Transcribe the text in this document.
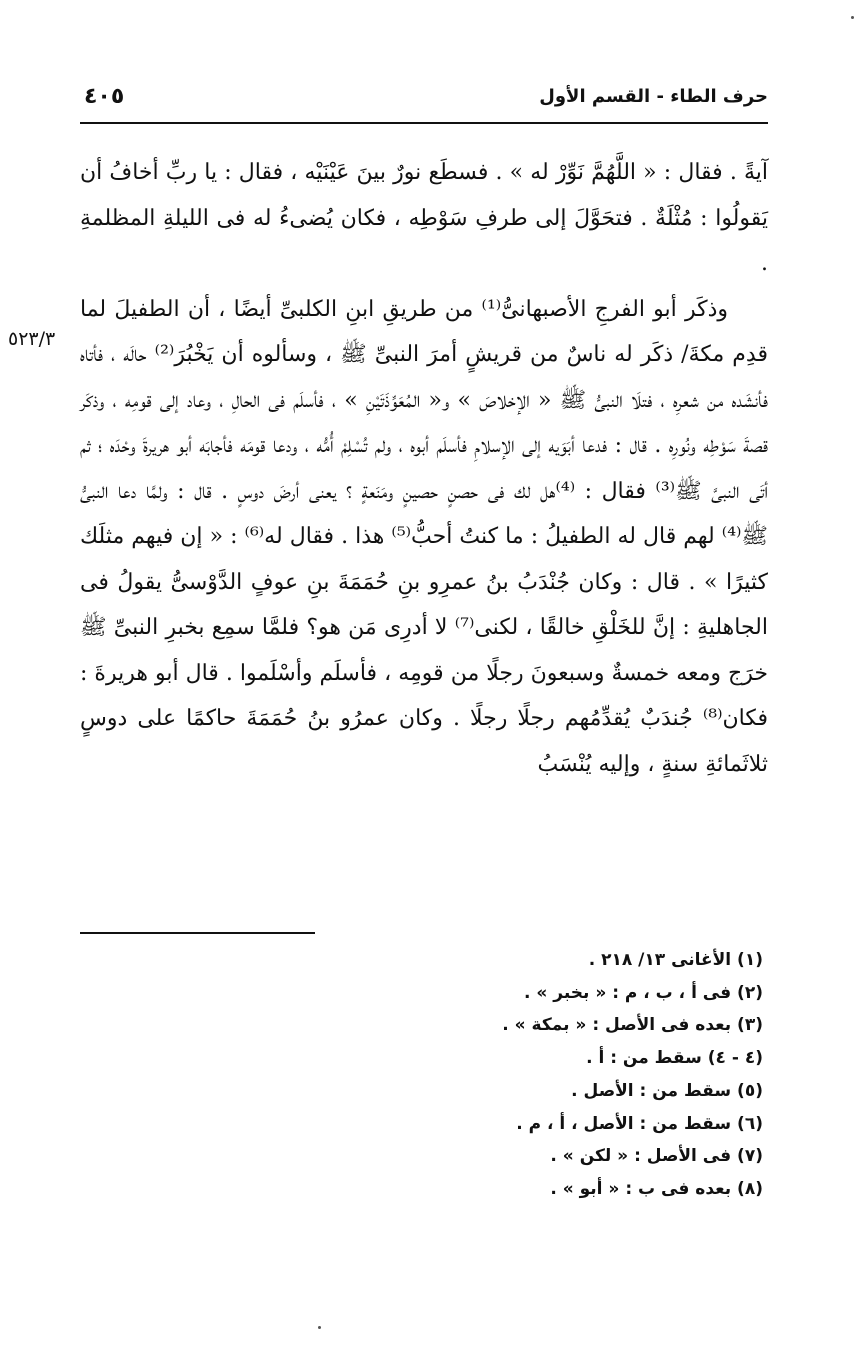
٤٠٥	حرف الطاء - القسم الأول
٥٢٣/٣

آيةً . فقال : « اللَّهُمَّ نَوِّرْ له » . فسطَع نورٌ بينَ عَيْنَيْه ، فقال : يا ربِّ أخافُ أن يَقولُوا : مُثْلَةٌ . فتحَوَّلَ إلى طرفِ سَوْطِه ، فكان يُضىءُ له فى الليلةِ المظلمةِ .

وذكَر أبو الفرجِ الأصبهانىُّ⁽¹⁾ من طريقِ ابنِ الكلبىِّ أيضًا ، أن الطفيلَ لما قدِم مكةَ/ ذكَر له ناسٌ من قريشٍ أمرَ النبىِّ ﷺ ، وسألوه أن يَخْبُرَ⁽²⁾ حالَه ، فأتاه فأنشَده من شعرِه ، فتلَا النبىُّ ﷺ « الإخلاصَ » و« المُعَوِّذَتَيْنِ » ، فأسلَم فى الحالِ ، وعاد إلى قومِه ، وذكَر قصةَ سَوْطِه ونُورِه . قال : فدعا أبَوَيه إلى الإسلامِ فأسلَم أبوه ، ولم تُسْلِمْ أُمُّه ، ودعا قومَه فأجابَه أبو هريرةَ وحْدَه ؛ ثم أتَى النبىَّ ﷺ⁽³⁾ فقال : ⁽⁴⁾هل لك فى حصنٍ حصينٍ ومَنَعةٍ ؟ يعنى أرضَ دوسٍ . قال : ولمَّا دعا النبىُّ ﷺ⁽⁴⁾ لهم قال له الطفيلُ : ما كنتُ أحبُّ⁽⁵⁾ هذا . فقال له⁽⁶⁾ : « إن فيهم مثلَك كثيرًا » . قال : وكان جُنْدَبُ بنُ عمرِو بنِ حُمَمَةَ بنِ عوفٍ الدَّوْسىُّ يقولُ فى الجاهليةِ : إنَّ للخَلْقِ خالقًا ، لكنى⁽⁷⁾ لا أدرِى مَن هو؟ فلمَّا سمِع بخبرِ النبىِّ ﷺ خرَج ومعه خمسةٌ وسبعونَ رجلًا من قومِه ، فأسلَم وأسْلَموا . قال أبو هريرةَ : فكان⁽⁸⁾ جُندَبٌ يُقدِّمُهم رجلًا رجلًا . وكان عمرُو بنُ حُمَمَةَ حاكمًا على دوسٍ ثلاثَمائةِ سنةٍ ، وإليه يُنْسَبُ

(١) الأغانى ١٣/ ٢١٨ .
(٢) فى أ ، ب ، م : « بخبر » .
(٣) بعده فى الأصل : « بمكة » .
(٤ - ٤) سقط من : أ .
(٥) سقط من : الأصل .
(٦) سقط من : الأصل ، أ ، م .
(٧) فى الأصل : « لكن » .
(٨) بعده فى ب : « أبو » .
